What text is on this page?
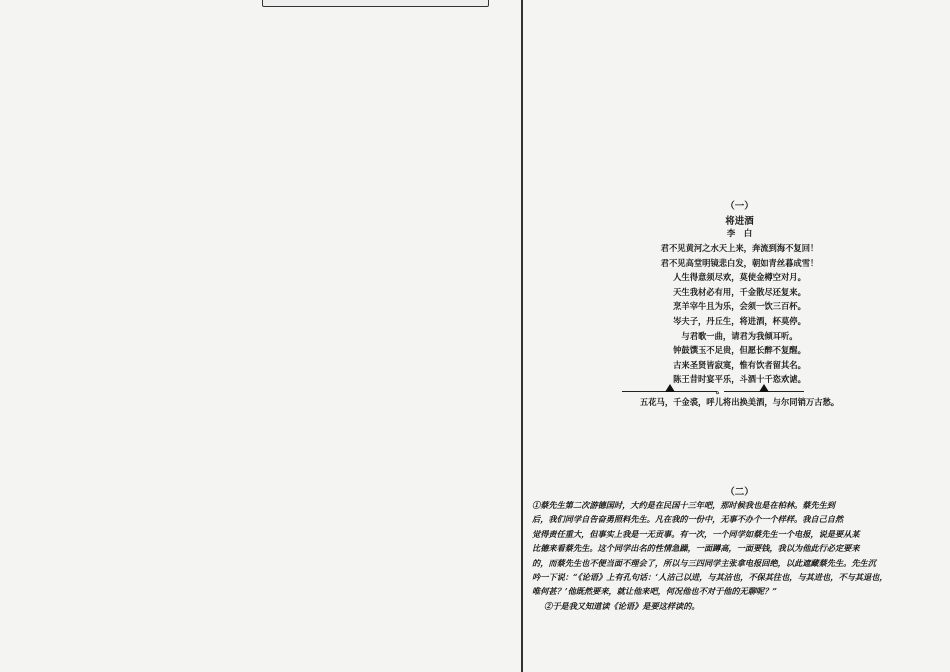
（一）
将进酒
李　白
君不见黄河之水天上来，奔流到海不复回！
君不见高堂明镜悲白发，朝如青丝暮成雪！
人生得意须尽欢，莫使金樽空对月。
天生我材必有用，千金散尽还复来。
烹羊宰牛且为乐，会须一饮三百杯。
岑夫子，丹丘生，将进酒，杯莫停。
与君歌一曲，请君为我倾耳听。
钟鼓馔玉不足贵，但愿长醉不复醒。
古来圣贤皆寂寞，惟有饮者留其名。
陈王昔时宴平乐，斗酒十千恣欢谑。
。
五花马，千金裘，呼儿将出换美酒，与尔同销万古愁。
（二）
①蔡先生第二次游德国时，大约是在民国十三年吧，那时候我也是在柏林。蔡先生到
后，我们同学自告奋勇照料先生。凡在我的一份中，无事不办个一个样样。我自己自然
觉得责任重大，但事实上我是一无贡事。有一次，一个同学如蔡先生一个电报，说是要从某
比德来看蔡先生。这个同学出名的性情急躁，一面蹲高，一面要钱，我以为他此行必定要来
的，而蔡先生也不便当面不理会了，所以与三四同学主张拿电报回绝，以此遮藏蔡先生。先生沉
吟一下说：“《论语》上有孔句话：‘人洁己以进，与其洁也，不保其往也，与其进也，不与其退也，
唯何甚？’他既然要来，就让他来吧，何况他也不对于他的无聊呢？”
②于是我又知道读《论语》是要这样读的。
